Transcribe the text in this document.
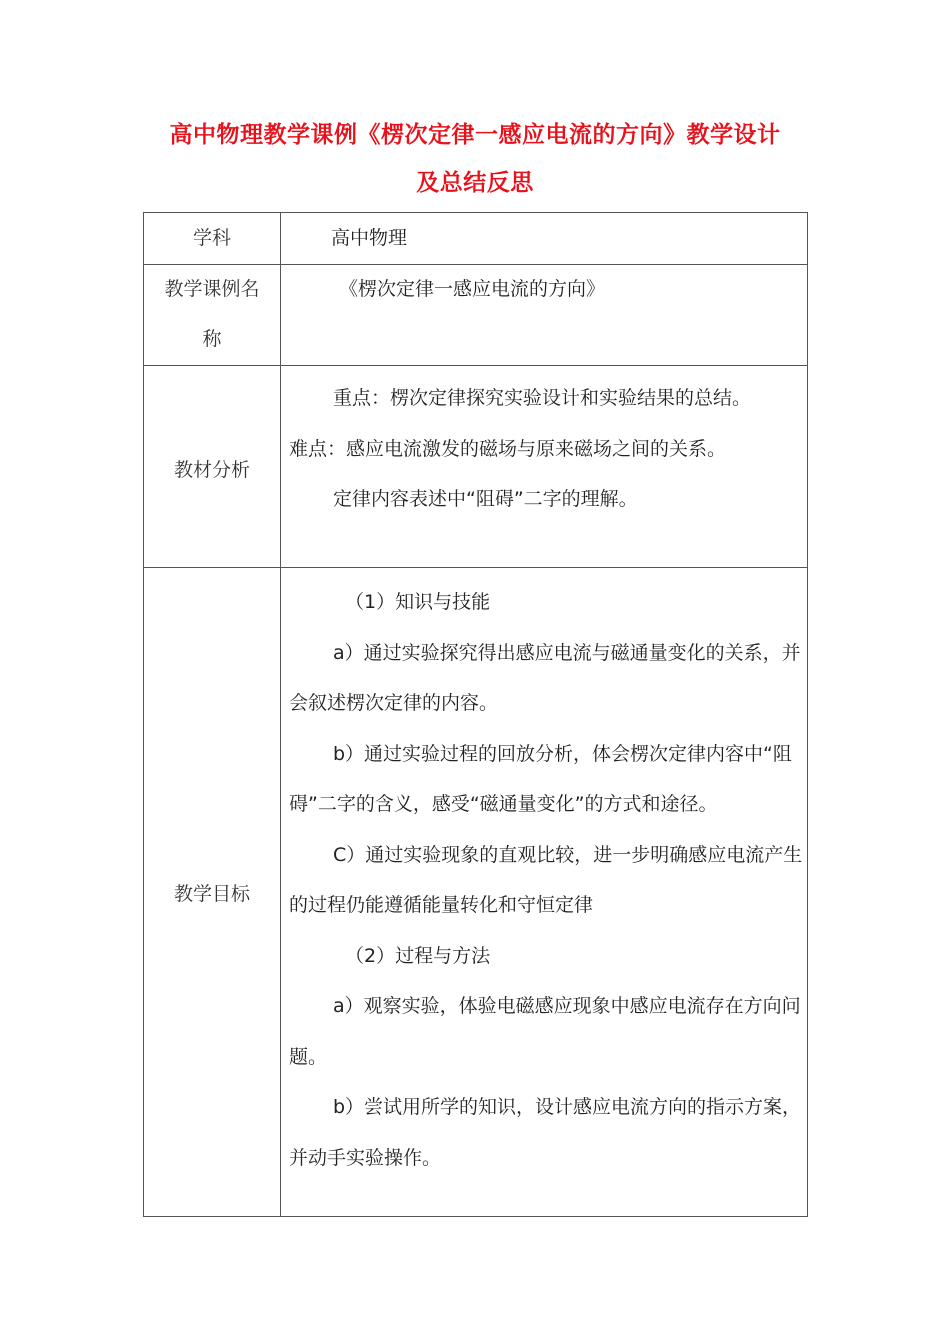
高中物理教学课例《楞次定律一感应电流的方向》教学设计
及总结反思
学科	高中物理
教学课例名
称
《楞次定律一感应电流的方向》
教材分析

重点：楞次定律探究实验设计和实验结果的总结。

难点：感应电流激发的磁场与原来磁场之间的关系。

定律内容表述中“阻碍”二字的理解。

教学目标

（1）知识与技能

a）通过实验探究得出感应电流与磁通量变化的关系，并会叙述楞次定律的内容。

b）通过实验过程的回放分析，体会楞次定律内容中“阻碍”二字的含义，感受“磁通量变化”的方式和途径。

C）通过实验现象的直观比较，进一步明确感应电流产生的过程仍能遵循能量转化和守恒定律

（2）过程与方法

a）观察实验，体验电磁感应现象中感应电流存在方向问题。

b）尝试用所学的知识，设计感应电流方向的指示方案，并动手实验操作。
